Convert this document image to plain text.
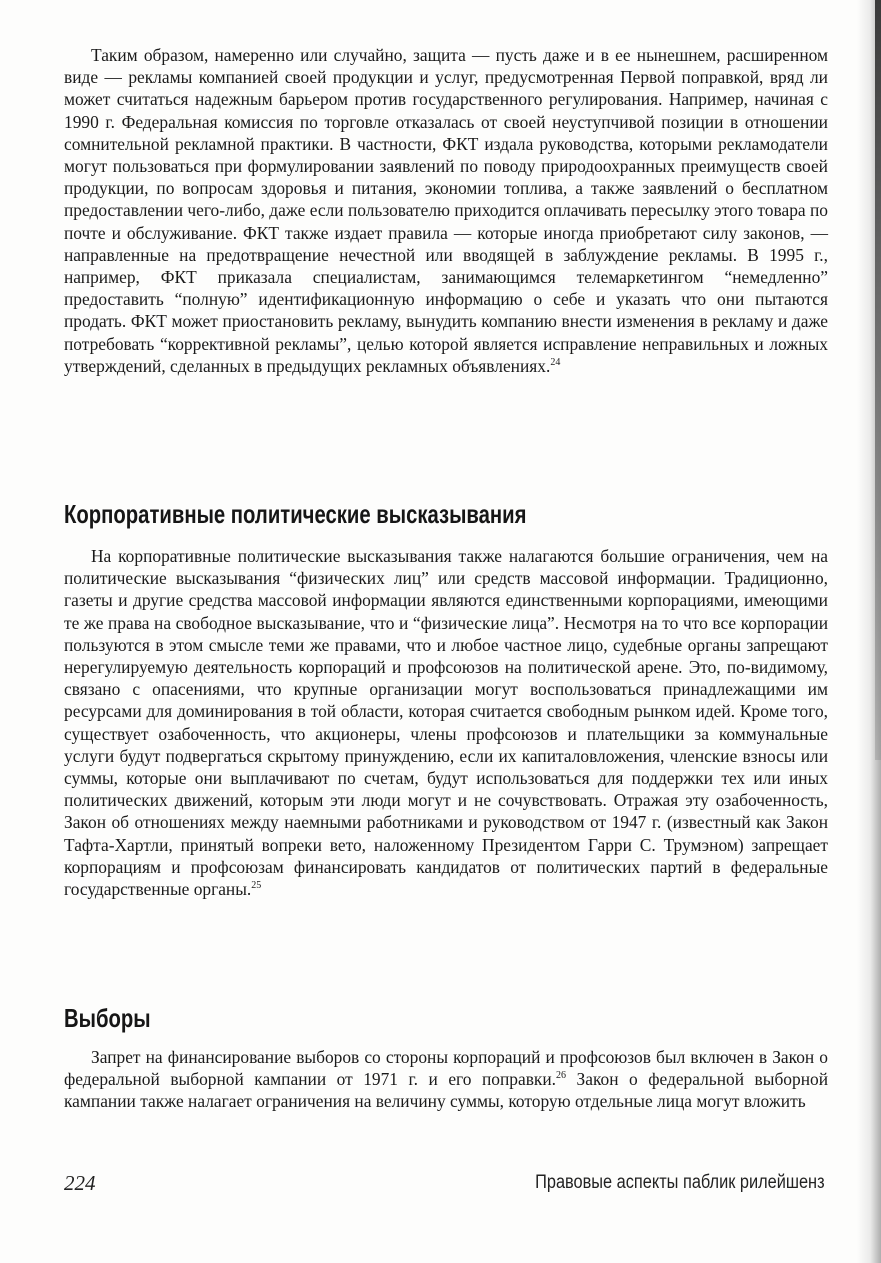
Таким образом, намеренно или случайно, защита — пусть даже и в ее нынешнем, расширенном виде — рекламы компанией своей продукции и услуг, предусмотренная Первой поправкой, вряд ли может считаться надежным барьером против государственного регулирования. Например, начиная с 1990 г. Федеральная комиссия по торговле отказалась от своей неуступчивой позиции в отношении сомнительной рекламной практики. В частности, ФКТ издала руководства, которыми рекламодатели могут пользоваться при формулировании заявлений по поводу природоохранных преимуществ своей продукции, по вопросам здоровья и питания, экономии топлива, а также заявлений о бесплатном предоставлении чего-либо, даже если пользователю приходится оплачивать пересылку этого товара по почте и обслуживание. ФКТ также издает правила — которые иногда приобретают силу законов, — направленные на предотвращение нечестной или вводящей в заблуждение рекламы. В 1995 г., например, ФКТ приказала специалистам, занимающимся телемаркетингом “немедленно” предоставить “полную” идентификационную информацию о себе и указать что они пытаются продать. ФКТ может приостановить рекламу, вынудить компанию внести изменения в рекламу и даже потребовать “коррективной рекламы”, целью которой является исправление неправильных и ложных утверждений, сделанных в предыдущих рекламных объявлениях.$^{24}$

Корпоративные политические высказывания

На корпоративные политические высказывания также налагаются большие ограничения, чем на политические высказывания “физических лиц” или средств массовой информации. Традиционно, газеты и другие средства массовой информации являются единственными корпорациями, имеющими те же права на свободное высказывание, что и “физические лица”. Несмотря на то что все корпорации пользуются в этом смысле теми же правами, что и любое частное лицо, судебные органы запрещают нерегулируемую деятельность корпораций и профсоюзов на политической арене. Это, по-видимому, связано с опасениями, что крупные организации могут воспользоваться принадлежащими им ресурсами для доминирования в той области, которая считается свободным рынком идей. Кроме того, существует озабоченность, что акционеры, члены профсоюзов и плательщики за коммунальные услуги будут подвергаться скрытому принуждению, если их капиталовложения, членские взносы или суммы, которые они выплачивают по счетам, будут использоваться для поддержки тех или иных политических движений, которым эти люди могут и не сочувствовать. Отражая эту озабоченность, Закон об отношениях между наемными работниками и руководством от 1947 г. (известный как Закон Тафта-Хартли, принятый вопреки вето, наложенному Президентом Гарри С. Трумэном) запрещает корпорациям и профсоюзам финансировать кандидатов от политических партий в федеральные государственные органы.$^{25}$

Выборы

Запрет на финансирование выборов со стороны корпораций и профсоюзов был включен в Закон о федеральной выборной кампании от 1971 г. и его поправки.$^{26}$ Закон о федеральной выборной кампании также налагает ограничения на величину суммы, которую отдельные лица могут вложить

224	Правовые аспекты паблик рилейшенз
